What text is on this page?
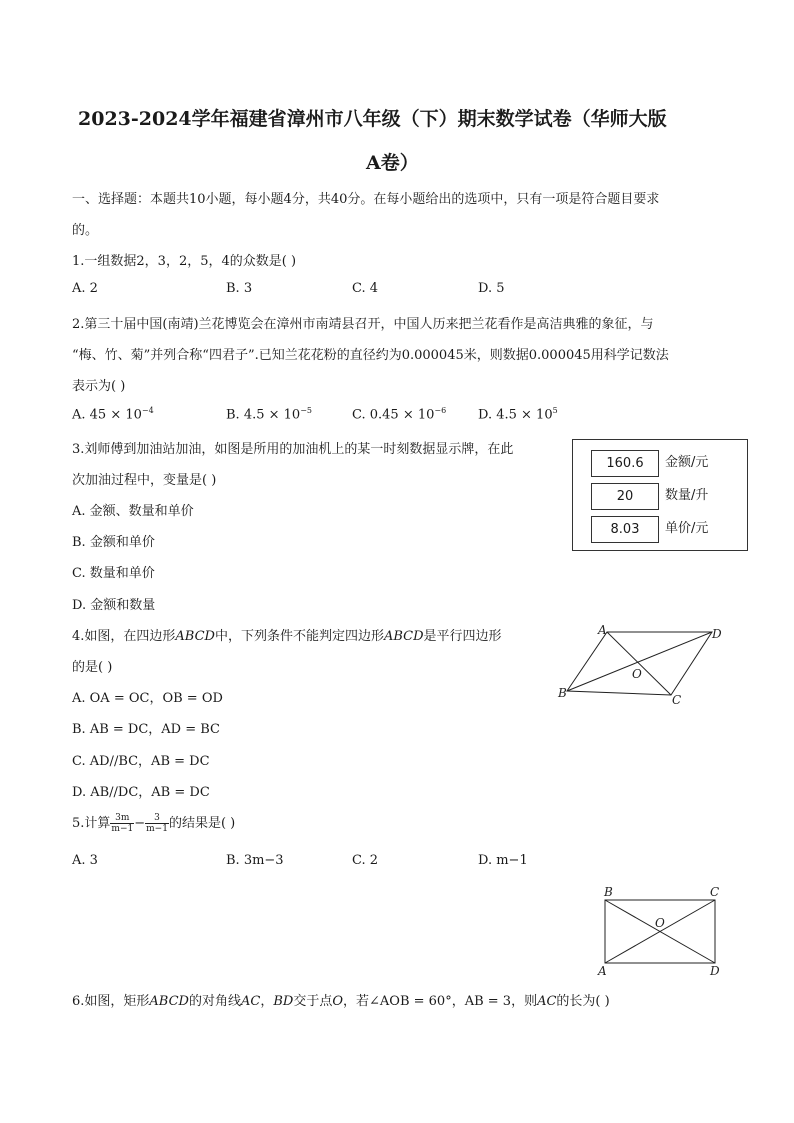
2023-2024学年福建省漳州市八年级（下）期末数学试卷（华师大版
A卷）
一、选择题：本题共10小题，每小题4分，共40分。在每小题给出的选项中，只有一项是符合题目要求
的。
1.一组数据2，3，2，5，4的众数是( )
A. 2	B. 3	C. 4	D. 5
2.第三十届中国(南靖)兰花博览会在漳州市南靖县召开，中国人历来把兰花看作是高洁典雅的象征，与
“梅、竹、菊”并列合称“四君子”.已知兰花花粉的直径约为0.000045米，则数据0.000045用科学记数法
表示为( )
A. $45 \times 10^{-4}$	B. $4.5 \times 10^{-5}$	C. $0.45 \times 10^{-6}$ D. $4.5 \times 10^5$
3.刘师傅到加油站加油，如图是所用的加油机上的某一时刻数据显示牌，在此
次加油过程中，变量是( )
A. 金额、数量和单价
B. 金额和单价
C. 数量和单价
D. 金额和数量
160.6	金额/元
20	数量/升
8.03	单价/元
4.如图，在四边形ABCD中，下列条件不能判定四边形ABCD是平行四边形
的是( )
A. OA = OC，OB = OD
B. AB = DC，AD = BC
C. AD//BC，AB = DC
D. AB//DC，AB = DC
A	D
B	C
O
5.计算 $\frac{3m}{m-1} - \frac{3}{m-1}$ 的结果是( )
A. 3	B. 3m−3	C. 2	D. m−1
B	C
A	D
O
6.如图，矩形ABCD的对角线AC，BD交于点O，若∠AOB = 60°，AB = 3，则AC的长为( )
